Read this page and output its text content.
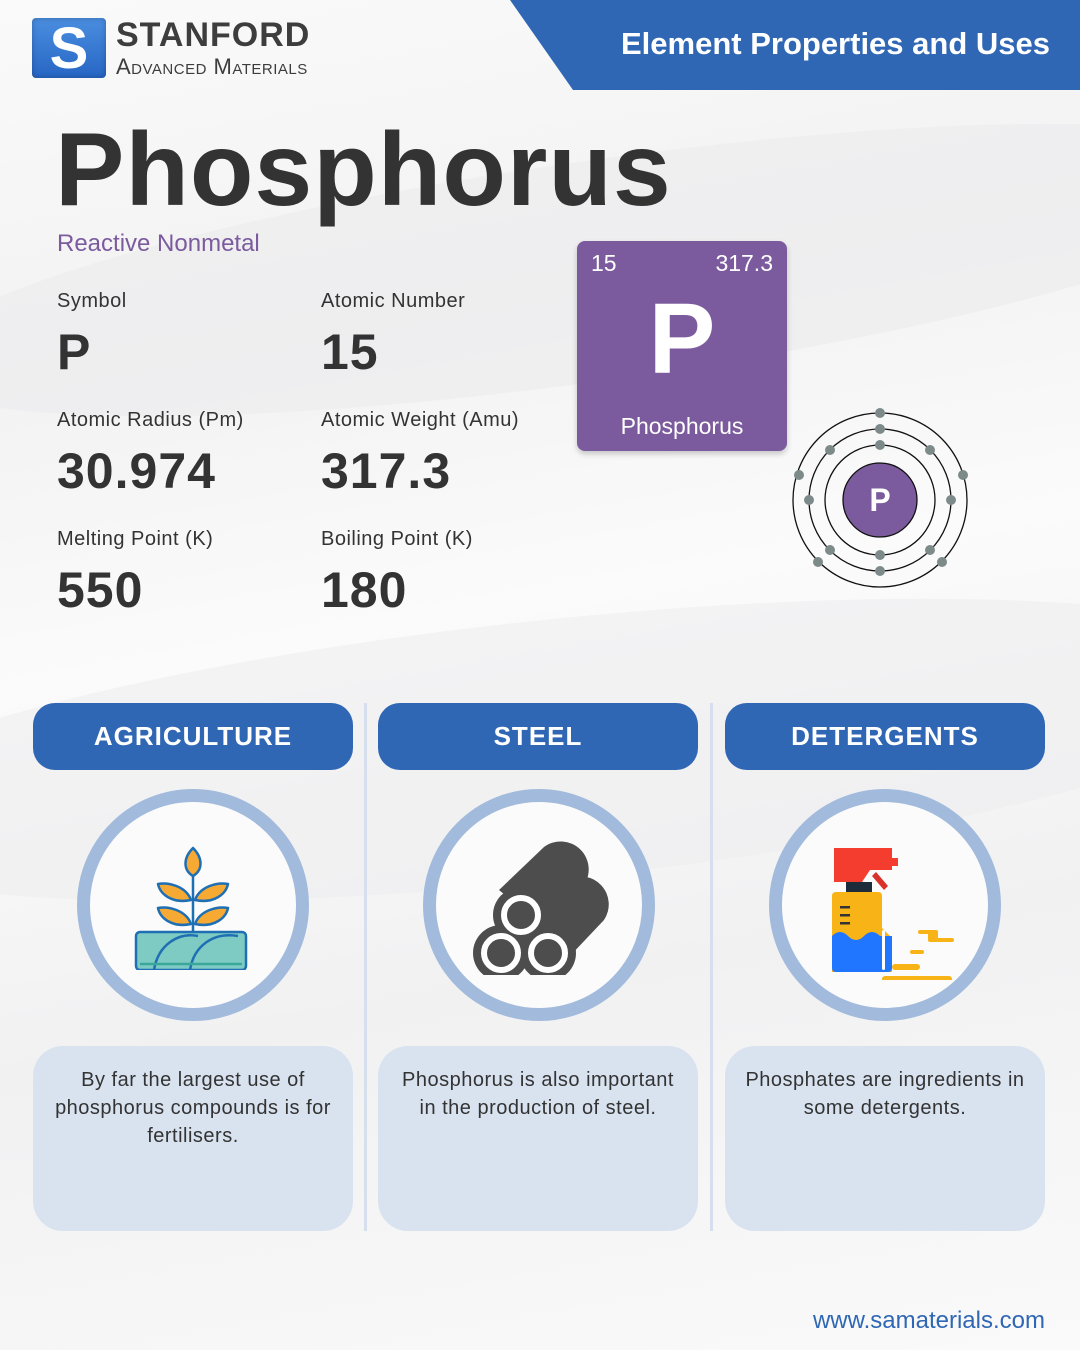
S STANFORD
Advanced Materials
Element Properties and Uses
Phosphorus
Reactive Nonmetal
Symbol
P
Atomic Number
15
Atomic Radius (Pm)
30.974
Atomic Weight (Amu)
317.3
Melting Point (K)
550
Boiling Point (K)
180
15	317.3
P
Phosphorus
P
AGRICULTURE
By far the largest use of phosphorus compounds is for fertilisers.
STEEL
Phosphorus is also important in the production of steel.
DETERGENTS
Phosphates are ingredients in some detergents.
www.samaterials.com
